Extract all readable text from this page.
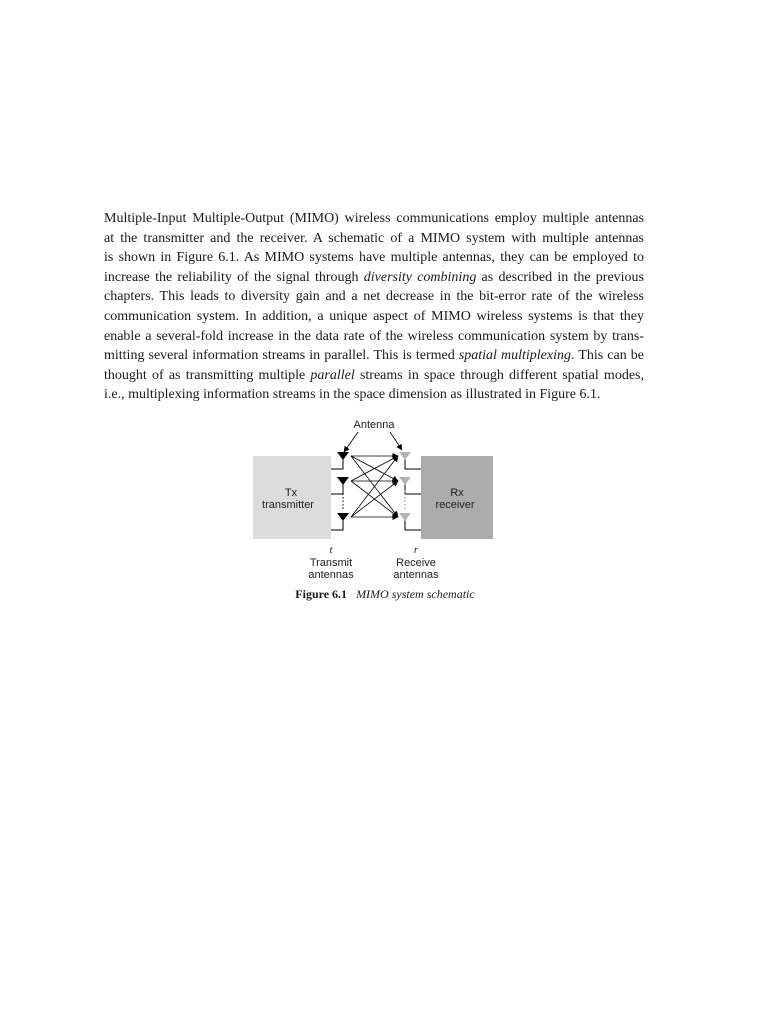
Multiple-Input Multiple-Output (MIMO) wireless communications employ multiple antennas
at the transmitter and the receiver. A schematic of a MIMO system with multiple antennas
is shown in Figure 6.1. As MIMO systems have multiple antennas, they can be employed to
increase the reliability of the signal through diversity combining as described in the previous
chapters. This leads to diversity gain and a net decrease in the bit-error rate of the wireless
communication system. In addition, a unique aspect of MIMO wireless systems is that they
enable a several-fold increase in the data rate of the wireless communication system by trans-
mitting several information streams in parallel. This is termed spatial multiplexing. This can be
thought of as transmitting multiple parallel streams in space through different spatial modes,
i.e., multiplexing information streams in the space dimension as illustrated in Figure 6.1.
Antenna
Tx
transmitter
Rx
receiver
t	r
Transmit
antennas
Receive
antennas
Figure 6.1 MIMO system schematic
